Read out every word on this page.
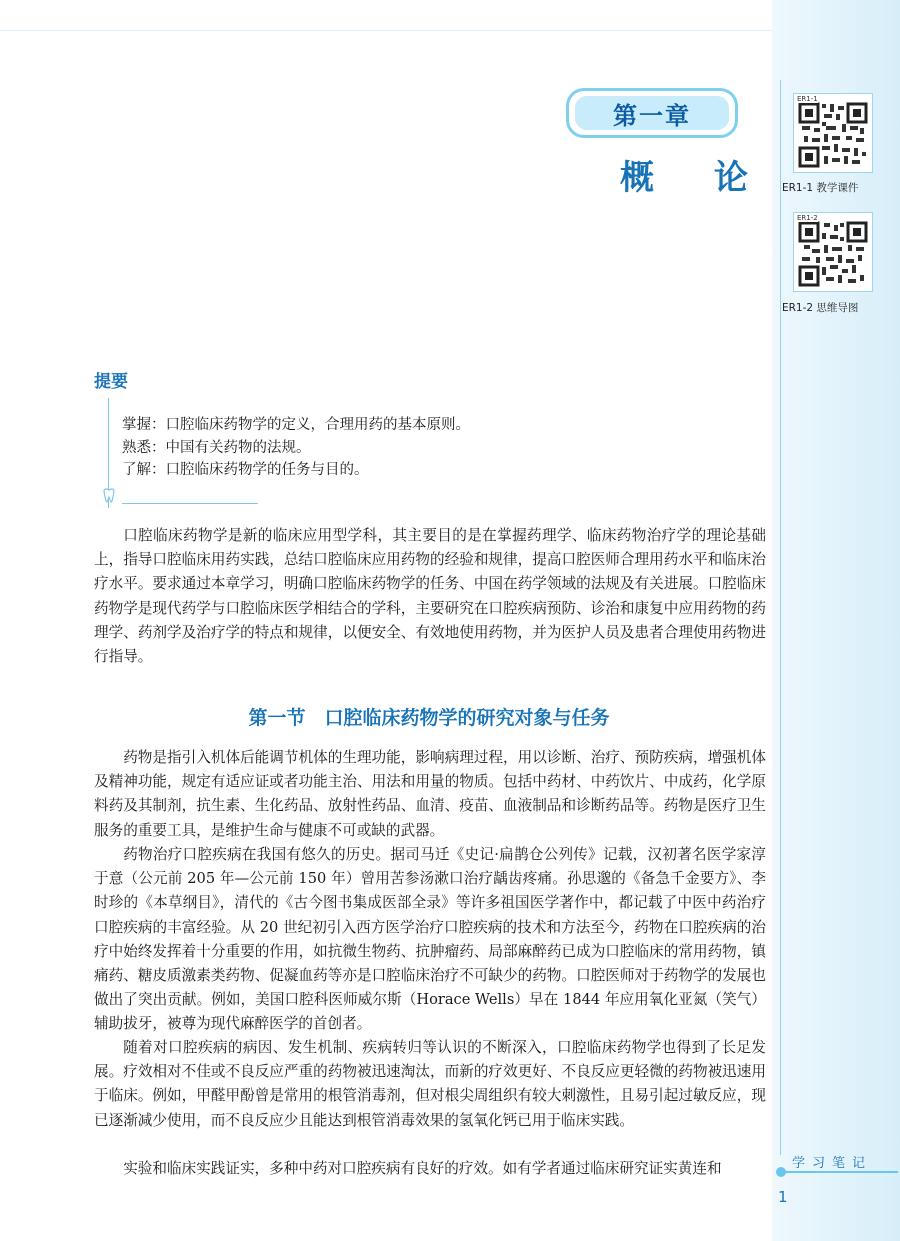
第一章
概 论
ER1-1
ER1-1 教学课件
ER1-2
ER1-2 思维导图
提要
掌握：口腔临床药物学的定义，合理用药的基本原则。
熟悉：中国有关药物的法规。
了解：口腔临床药物学的任务与目的。

口腔临床药物学是新的临床应用型学科，其主要目的是在掌握药理学、临床药物治疗学的理论基础上，指导口腔临床用药实践，总结口腔临床应用药物的经验和规律，提高口腔医师合理用药水平和临床治疗水平。要求通过本章学习，明确口腔临床药物学的任务、中国在药学领域的法规及有关进展。口腔临床药物学是现代药学与口腔临床医学相结合的学科，主要研究在口腔疾病预防、诊治和康复中应用药物的药理学、药剂学及治疗学的特点和规律，以便安全、有效地使用药物，并为医护人员及患者合理使用药物进行指导。

第一节　口腔临床药物学的研究对象与任务

药物是指引入机体后能调节机体的生理功能，影响病理过程，用以诊断、治疗、预防疾病，增强机体及精神功能，规定有适应证或者功能主治、用法和用量的物质。包括中药材、中药饮片、中成药，化学原料药及其制剂，抗生素、生化药品、放射性药品、血清、疫苗、血液制品和诊断药品等。药物是医疗卫生服务的重要工具，是维护生命与健康不可或缺的武器。

药物治疗口腔疾病在我国有悠久的历史。据司马迁《史记·扁鹊仓公列传》记载，汉初著名医学家淳于意（公元前 205 年—公元前 150 年）曾用苦参汤漱口治疗龋齿疼痛。孙思邈的《备急千金要方》、李时珍的《本草纲目》，清代的《古今图书集成医部全录》等许多祖国医学著作中，都记载了中医中药治疗口腔疾病的丰富经验。从 20 世纪初引入西方医学治疗口腔疾病的技术和方法至今，药物在口腔疾病的治疗中始终发挥着十分重要的作用，如抗微生物药、抗肿瘤药、局部麻醉药已成为口腔临床的常用药物，镇痛药、糖皮质激素类药物、促凝血药等亦是口腔临床治疗不可缺少的药物。口腔医师对于药物学的发展也做出了突出贡献。例如，美国口腔科医师威尔斯（Horace Wells）早在 1844 年应用氧化亚氮（笑气）辅助拔牙，被尊为现代麻醉医学的首创者。

随着对口腔疾病的病因、发生机制、疾病转归等认识的不断深入，口腔临床药物学也得到了长足发展。疗效相对不佳或不良反应严重的药物被迅速淘汰，而新的疗效更好、不良反应更轻微的药物被迅速用于临床。例如，甲醛甲酚曾是常用的根管消毒剂，但对根尖周组织有较大刺激性，且易引起过敏反应，现已逐渐减少使用，而不良反应少且能达到根管消毒效果的氢氧化钙已用于临床实践。

实验和临床实践证实，多种中药对口腔疾病有良好的疗效。如有学者通过临床研究证实黄连和	学习笔记
1
